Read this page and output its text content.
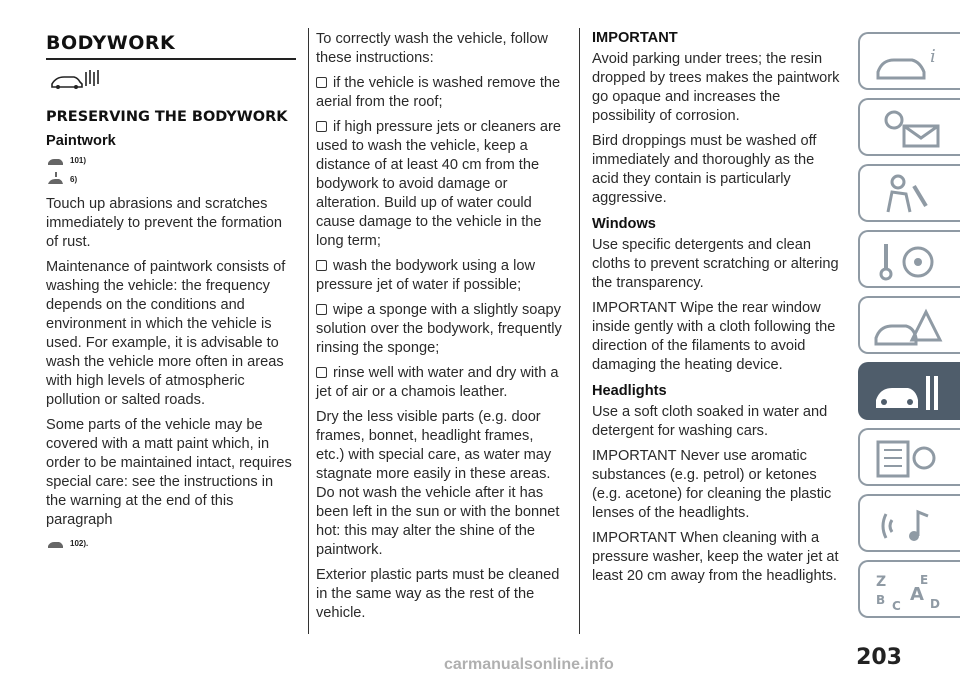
BODYWORK
PRESERVING THE BODYWORK
Paintwork
101)
6)

Touch up abrasions and scratches immediately to prevent the formation of rust.

Maintenance of paintwork consists of washing the vehicle: the frequency depends on the conditions and environment in which the vehicle is used. For example, it is advisable to wash the vehicle more often in areas with high levels of atmospheric pollution or salted roads.

Some parts of the vehicle may be covered with a matt paint which, in order to be maintained intact, requires special care: see the instructions in the warning at the end of this paragraph

102).

To correctly wash the vehicle, follow these instructions:

if the vehicle is washed remove the aerial from the roof;

if high pressure jets or cleaners are used to wash the vehicle, keep a distance of at least 40 cm from the bodywork to avoid damage or alteration. Build up of water could cause damage to the vehicle in the long term;

wash the bodywork using a low pressure jet of water if possible;

wipe a sponge with a slightly soapy solution over the bodywork, frequently rinsing the sponge;

rinse well with water and dry with a jet of air or a chamois leather.

Dry the less visible parts (e.g. door frames, bonnet, headlight frames, etc.) with special care, as water may stagnate more easily in these areas. Do not wash the vehicle after it has been left in the sun or with the bonnet hot: this may alter the shine of the paintwork.

Exterior plastic parts must be cleaned in the same way as the rest of the vehicle.

IMPORTANT

Avoid parking under trees; the resin dropped by trees makes the paintwork go opaque and increases the possibility of corrosion.

Bird droppings must be washed off immediately and thoroughly as the acid they contain is particularly aggressive.

Windows

Use specific detergents and clean cloths to prevent scratching or altering the transparency.

IMPORTANT Wipe the rear window inside gently with a cloth following the direction of the filaments to avoid damaging the heating device.

Headlights

Use a soft cloth soaked in water and detergent for washing cars.

IMPORTANT Never use aromatic substances (e.g. petrol) or ketones (e.g. acetone) for cleaning the plastic lenses of the headlights.

IMPORTANT When cleaning with a pressure washer, keep the water jet at least 20 cm away from the headlights.

i
Z	E
A
B C D
203
carmanualsonline.info
